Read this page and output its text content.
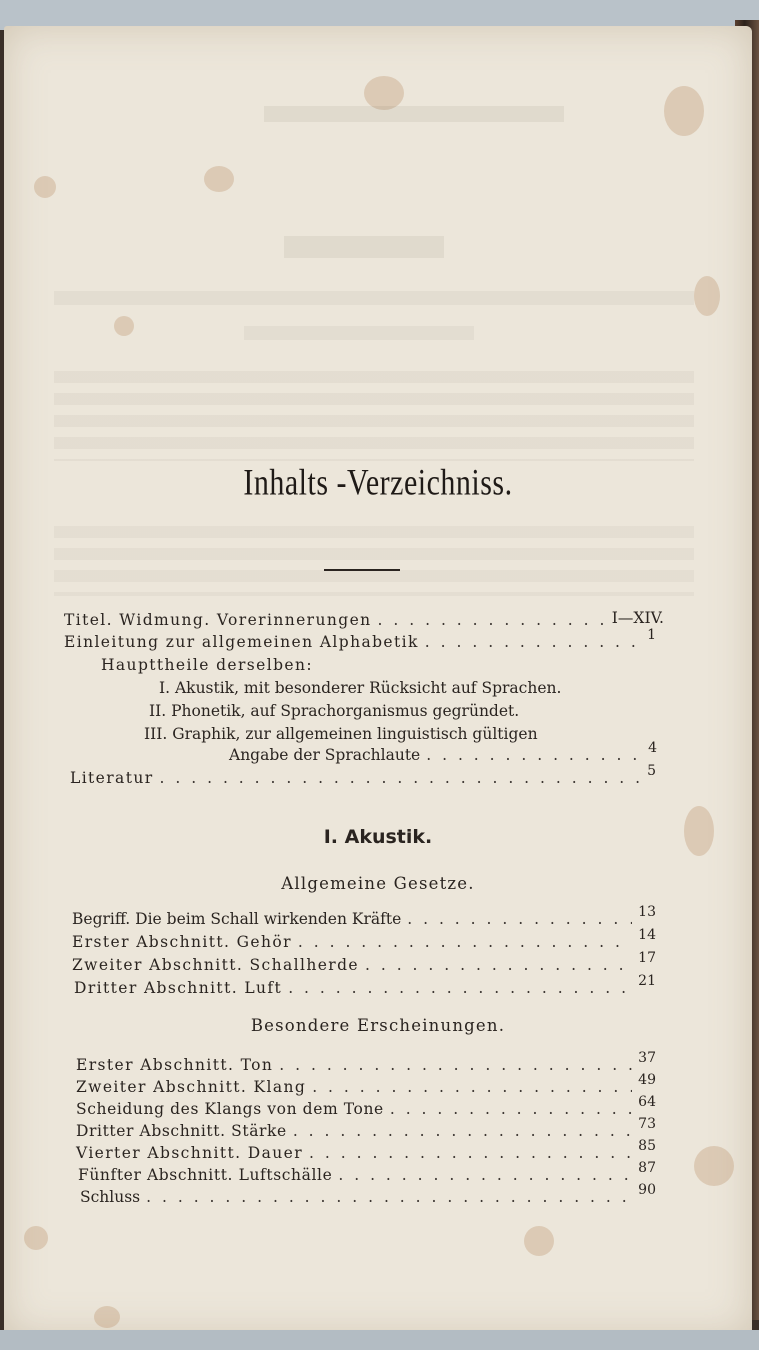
Inhalts -Verzeichniss.
Titel. Widmung. Vorerinnerungen . . .	I—XIV.
Einleitung zur allgemeinen Alphabetik . . .	1
Haupttheile derselben:
I. Akustik, mit besonderer Rücksicht auf Sprachen.
II. Phonetik, auf Sprachorganismus gegründet.
III. Graphik, zur allgemeinen linguistisch gültigen
Angabe der Sprachlaute . . .	4
Literatur . . .	5
I. Akustik.
Allgemeine Gesetze.
Begriff. Die beim Schall wirkenden Kräfte . . .	13
Erster Abschnitt. Gehör . . .	14
Zweiter Abschnitt. Schallherde . . .	17
Dritter Abschnitt. Luft . . .	21
Besondere Erscheinungen.
Erster Abschnitt. Ton . . .	37
Zweiter Abschnitt. Klang . . .	49
Scheidung des Klangs von dem Tone . . .	64
Dritter Abschnitt. Stärke . . .	73
Vierter Abschnitt. Dauer . . .	85
Fünfter Abschnitt. Luftschälle . . .	87
Schluss . . .	90
